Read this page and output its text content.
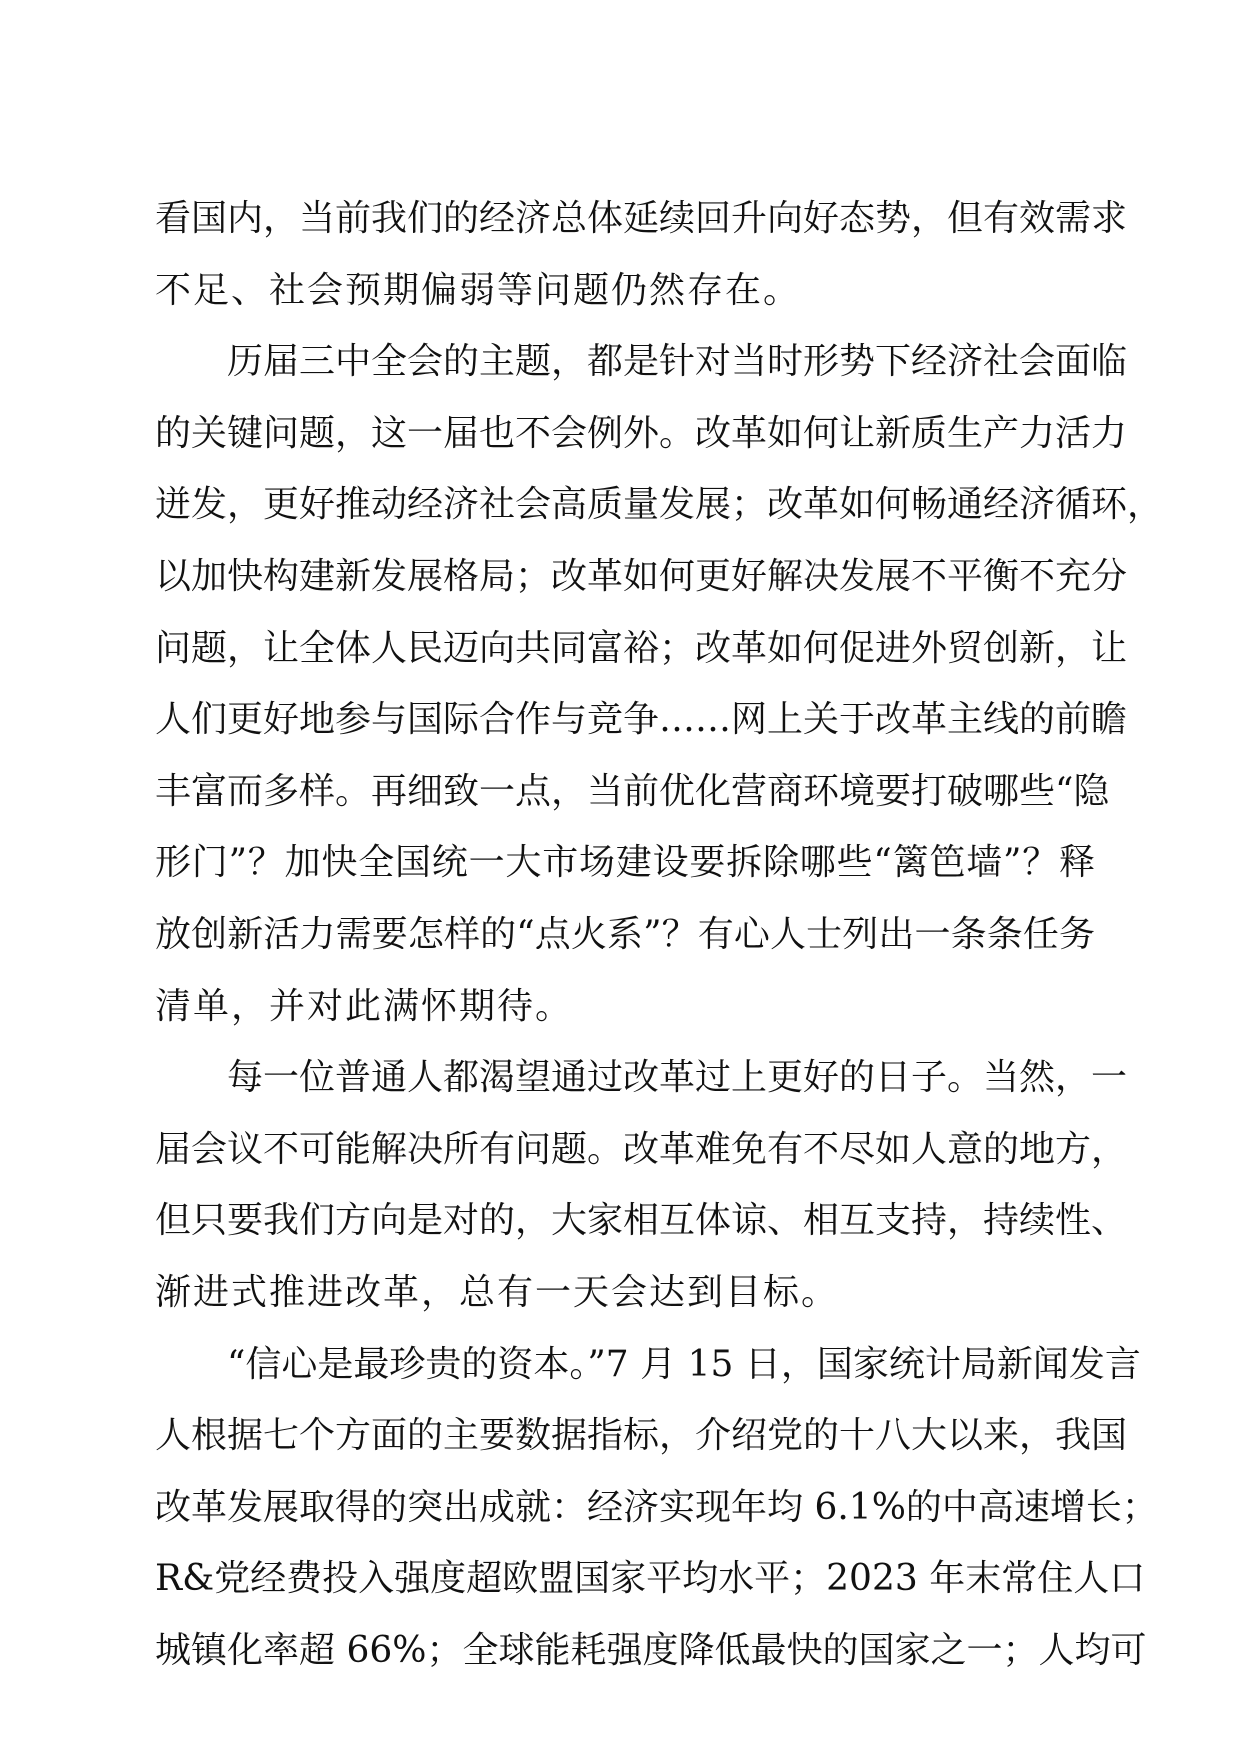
看国内，当前我们的经济总体延续回升向好态势，但有效需求
不足、社会预期偏弱等问题仍然存在。
历届三中全会的主题，都是针对当时形势下经济社会面临
的关键问题，这一届也不会例外。改革如何让新质生产力活力
迸发，更好推动经济社会高质量发展；改革如何畅通经济循环，
以加快构建新发展格局；改革如何更好解决发展不平衡不充分
问题，让全体人民迈向共同富裕；改革如何促进外贸创新，让
人们更好地参与国际合作与竞争……网上关于改革主线的前瞻
丰富而多样。再细致一点，当前优化营商环境要打破哪些“隐
形门”？加快全国统一大市场建设要拆除哪些“篱笆墙”？释
放创新活力需要怎样的“点火系”？有心人士列出一条条任务
清单，并对此满怀期待。
每一位普通人都渴望通过改革过上更好的日子。当然，一
届会议不可能解决所有问题。改革难免有不尽如人意的地方，
但只要我们方向是对的，大家相互体谅、相互支持，持续性、
渐进式推进改革，总有一天会达到目标。
“信心是最珍贵的资本。”7 月 15 日，国家统计局新闻发言
人根据七个方面的主要数据指标，介绍党的十八大以来，我国
改革发展取得的突出成就：经济实现年均 6.1%的中高速增长；
R&党经费投入强度超欧盟国家平均水平；2023 年末常住人口
城镇化率超 66%；全球能耗强度降低最快的国家之一；人均可
